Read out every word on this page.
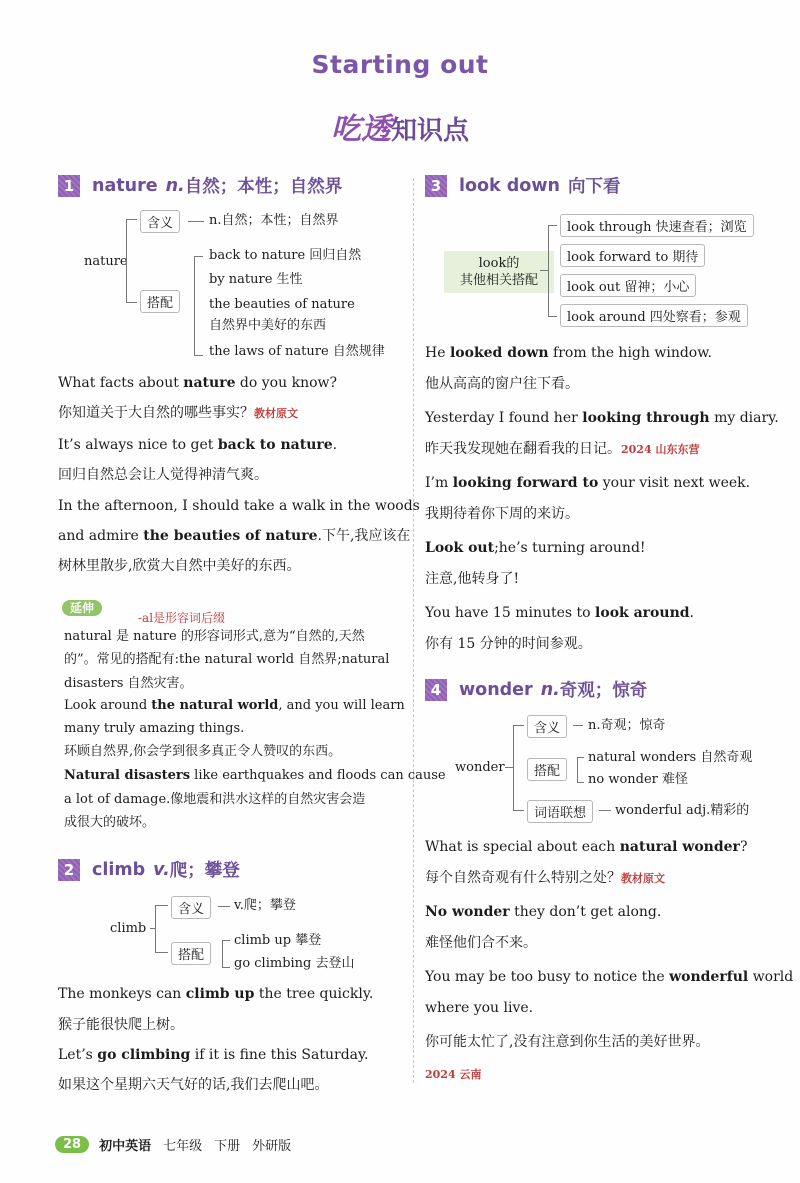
Starting out
吃透知识点
1	nature n. 自然；本性；自然界
nature
含义	n.自然；本性；自然界
搭配
back to nature 回归自然
by nature 生性
the beauties of nature
自然界中美好的东西
the laws of nature 自然规律
What facts about nature do you know?
你知道关于大自然的哪些事实？教材原文
It’s always nice to get back to nature.
回归自然总会让人觉得神清气爽。
In the afternoon, I should take a walk in the woods
and admire the beauties of nature.下午,我应该在
树林里散步,欣赏大自然中美好的东西。
延伸
-al是形容词后缀
natural 是 nature 的形容词形式,意为“自然的,天然
的”。常见的搭配有:the natural world 自然界;natural
disasters 自然灾害。
Look around the natural world, and you will learn
many truly amazing things.
环顾自然界,你会学到很多真正令人赞叹的东西。
Natural disasters like earthquakes and floods can cause
a lot of damage.像地震和洪水这样的自然灾害会造
成很大的破坏。
2	climb v. 爬；攀登
climb
含义	v.爬；攀登
搭配
climb up 攀登
go climbing 去登山
The monkeys can climb up the tree quickly.
猴子能很快爬上树。
Let’s go climbing if it is fine this Saturday.
如果这个星期六天气好的话,我们去爬山吧。
3	look down 向下看
look的
其他相关搭配
look through 快速查看；浏览
look forward to 期待
look out 留神；小心
look around 四处察看；参观
He looked down from the high window.
他从高高的窗户往下看。
Yesterday I found her looking through my diary.
昨天我发现她在翻看我的日记。2024 山东东营
I’m looking forward to your visit next week.
我期待着你下周的来访。
Look out;he’s turning around!
注意,他转身了!
You have 15 minutes to look around.
你有 15 分钟的时间参观。
4	wonder n. 奇观；惊奇
wonder
含义	n.奇观；惊奇
搭配
natural wonders 自然奇观
no wonder 难怪
词语联想	wonderful adj.精彩的
What is special about each natural wonder?
每个自然奇观有什么特别之处？教材原文
No wonder they don’t get along.
难怪他们合不来。
You may be too busy to notice the wonderful world
where you live.
你可能太忙了,没有注意到你生活的美好世界。
2024 云南
28	初中英语 七年级 下册 外研版
